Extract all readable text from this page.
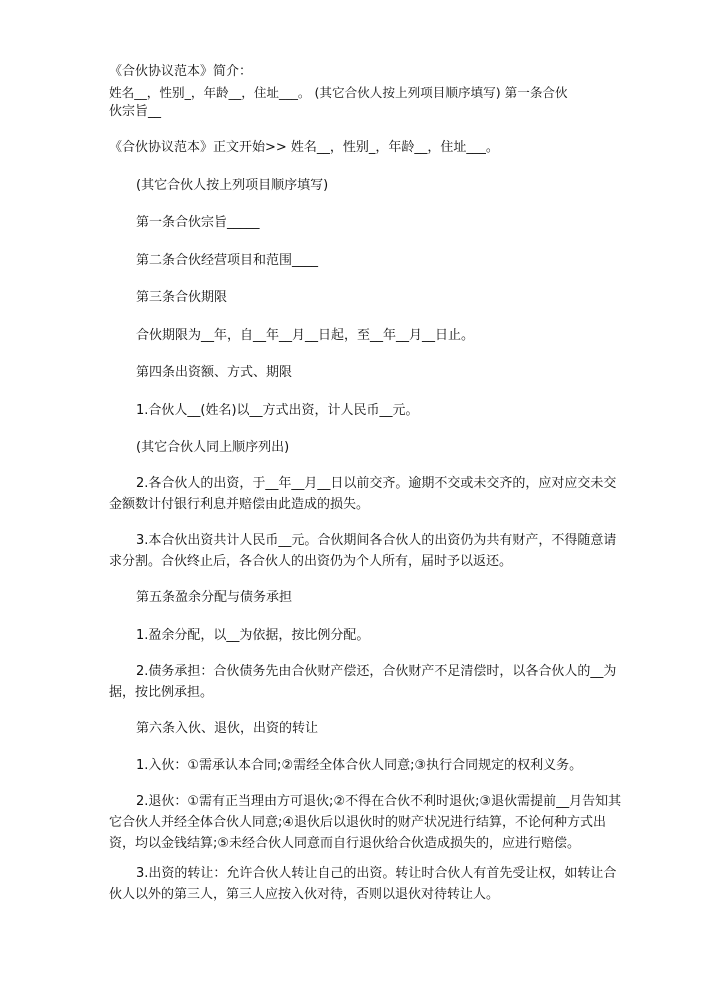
《合伙协议范本》简介：
姓名__，性别_，年龄__，住址___。 (其它合伙人按上列项目顺序填写) 第一条合伙
伙宗旨__
《合伙协议范本》正文开始>> 姓名__，性别_，年龄__，住址___。
(其它合伙人按上列项目顺序填写)
第一条合伙宗旨_____
第二条合伙经营项目和范围____
第三条合伙期限
合伙期限为__年，自__年__月__日起，至__年__月__日止。
第四条出资额、方式、期限
1.合伙人__(姓名)以__方式出资，计人民币__元。
(其它合伙人同上顺序列出)
2.各合伙人的出资，于__年__月__日以前交齐。逾期不交或未交齐的，应对应交未交
金额数计付银行利息并赔偿由此造成的损失。
3.本合伙出资共计人民币__元。合伙期间各合伙人的出资仍为共有财产，不得随意请
求分割。合伙终止后，各合伙人的出资仍为个人所有，届时予以返还。
第五条盈余分配与债务承担
1.盈余分配，以__为依据，按比例分配。
2.债务承担：合伙债务先由合伙财产偿还，合伙财产不足清偿时，以各合伙人的__为
据，按比例承担。
第六条入伙、退伙，出资的转让
1.入伙：①需承认本合同;②需经全体合伙人同意;③执行合同规定的权利义务。
2.退伙：①需有正当理由方可退伙;②不得在合伙不利时退伙;③退伙需提前__月告知其
它合伙人并经全体合伙人同意;④退伙后以退伙时的财产状况进行结算，不论何种方式出
资，均以金钱结算;⑤未经合伙人同意而自行退伙给合伙造成损失的，应进行赔偿。
3.出资的转让：允许合伙人转让自己的出资。转让时合伙人有首先受让权，如转让合
伙人以外的第三人，第三人应按入伙对待，否则以退伙对待转让人。
